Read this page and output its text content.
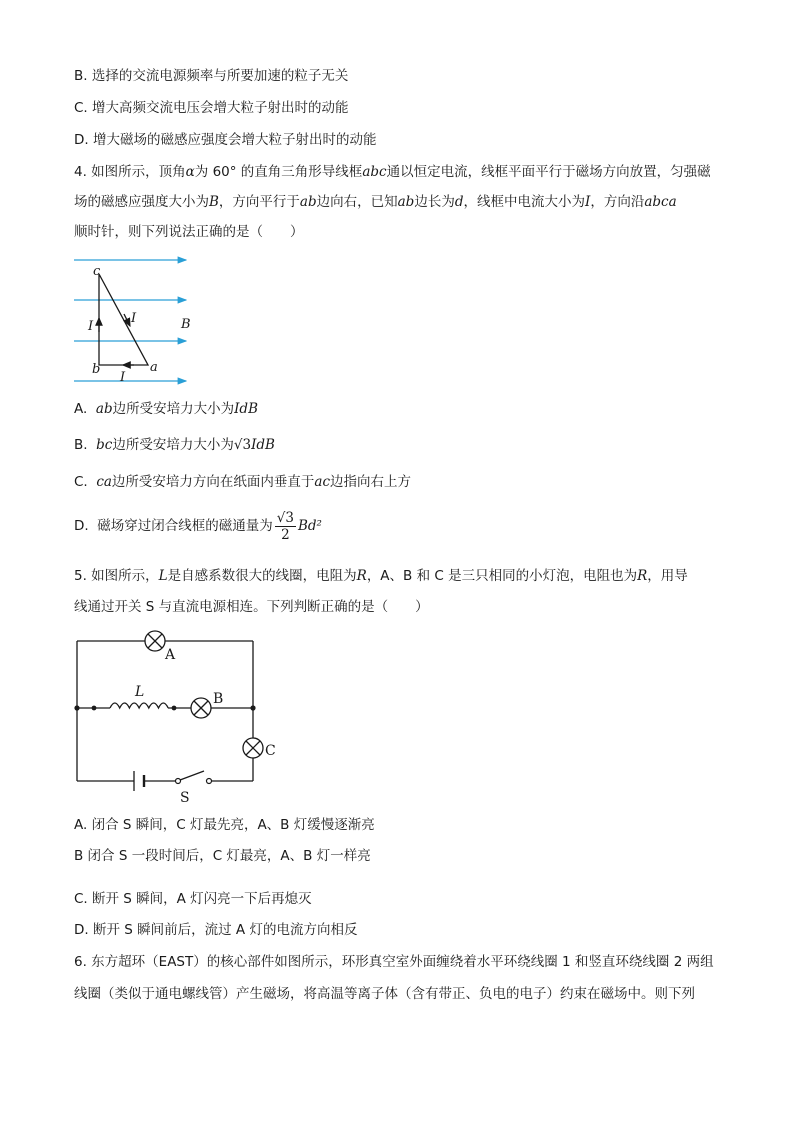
B. 选择的交流电源频率与所要加速的粒子无关
C. 增大高频交流电压会增大粒子射出时的动能
D. 增大磁场的磁感应强度会增大粒子射出时的动能
4. 如图所示，顶角α为 60° 的直角三角形导线框abc通以恒定电流，线框平面平行于磁场方向放置，匀强磁
场的磁感应强度大小为B，方向平行于ab边向右，已知ab边长为d，线框中电流大小为I，方向沿abca
顺时针，则下列说法正确的是（　　）
c
b	a
I
I
I
B
A. ab边所受安培力大小为IdB
B. bc边所受安培力大小为√3IdB
C. ca边所受安培力方向在纸面内垂直于ac边指向右上方
D. 磁场穿过闭合线框的磁通量为 $\frac{√3}{2} Bd^2$
5. 如图所示，L是自感系数很大的线圈，电阻为R，A、B 和 C 是三只相同的小灯泡，电阻也为R，用导
线通过开关 S 与直流电源相连。下列判断正确的是（　　）
A
B
C
L
S
A. 闭合 S 瞬间，C 灯最先亮，A、B 灯缓慢逐渐亮
B 闭合 S 一段时间后，C 灯最亮，A、B 灯一样亮
C. 断开 S 瞬间，A 灯闪亮一下后再熄灭
D. 断开 S 瞬间前后，流过 A 灯的电流方向相反
6. 东方超环（EAST）的核心部件如图所示，环形真空室外面缠绕着水平环绕线圈 1 和竖直环绕线圈 2 两组
线圈（类似于通电螺线管）产生磁场，将高温等离子体（含有带正、负电的电子）约束在磁场中。则下列
